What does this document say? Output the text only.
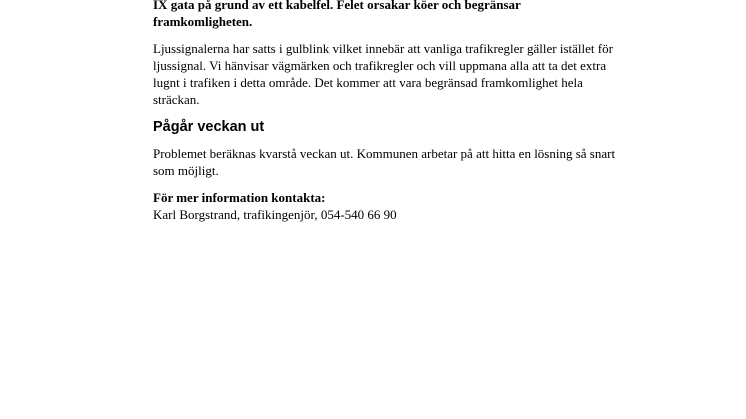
IX gata på grund av ett kabelfel. Felet orsakar köer och begränsar framkomligheten.

Ljussignalerna har satts i gulblink vilket innebär att vanliga trafikregler gäller istället för ljussignal. Vi hänvisar vägmärken och trafikregler och vill uppmana alla att ta det extra lugnt i trafiken i detta område. Det kommer att vara begränsad framkomlighet hela sträckan.

Pågår veckan ut

Problemet beräknas kvarstå veckan ut. Kommunen arbetar på att hitta en lösning så snart som möjligt.

För mer information kontakta:

Karl Borgstrand, trafikingenjör, 054-540 66 90
